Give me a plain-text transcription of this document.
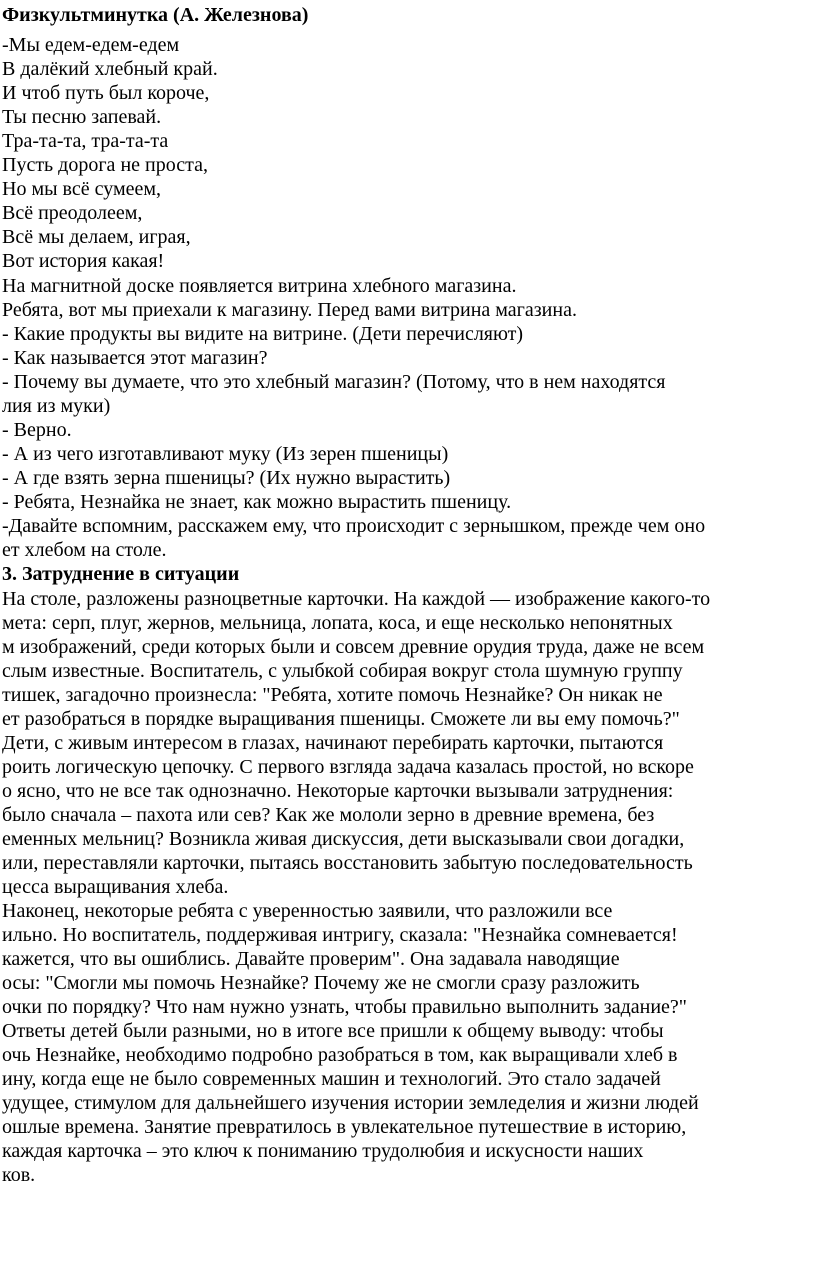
Физкультминутка (А. Железнова)
-Мы едем-едем-едем
В далёкий хлебный край.
И чтоб путь был короче,
Ты песню запевай.
Тра-та-та, тра-та-та
Пусть дорога не проста,
Но мы всё сумеем,
Всё преодолеем,
Всё мы делаем, играя,
Вот история какая!
На магнитной доске появляется витрина хлебного магазина.
Ребята, вот мы приехали к магазину. Перед вами витрина магазина.
- Какие продукты вы видите на витрине. (Дети перечисляют)
- Как называется этот магазин?
- Почему вы думаете, что это хлебный магазин? (Потому, что в нем находятся
лия из муки)
- Верно.
- А из чего изготавливают муку (Из зерен пшеницы)
- А где взять зерна пшеницы? (Их нужно вырастить)
- Ребята, Незнайка не знает, как можно вырастить пшеницу.
-Давайте вспомним, расскажем ему, что происходит с зернышком, прежде чем оно
ет хлебом на столе.
3. Затруднение в ситуации
На столе, разложены разноцветные карточки. На каждой — изображение какого-то
мета: серп, плуг, жернов, мельница, лопата, коса, и еще несколько непонятных
м изображений, среди которых были и совсем древние орудия труда, даже не всем
слым известные. Воспитатель, с улыбкой собирая вокруг стола шумную группу
тишек, загадочно произнесла: "Ребята, хотите помочь Незнайке? Он никак не
ет разобраться в порядке выращивания пшеницы. Сможете ли вы ему помочь?"
Дети, с живым интересом в глазах, начинают перебирать карточки, пытаются
роить логическую цепочку. С первого взгляда задача казалась простой, но вскоре
о ясно, что не все так однозначно. Некоторые карточки вызывали затруднения:
было сначала – пахота или сев? Как же мололи зерно в древние времена, без
еменных мельниц? Возникла живая дискуссия, дети высказывали свои догадки,
или, переставляли карточки, пытаясь восстановить забытую последовательность
цесса выращивания хлеба.
Наконец, некоторые ребята с уверенностью заявили, что разложили все
ильно. Но воспитатель, поддерживая интригу, сказала: "Незнайка сомневается!
кажется, что вы ошиблись. Давайте проверим". Она задавала наводящие
осы: "Смогли мы помочь Незнайке? Почему же не смогли сразу разложить
очки по порядку? Что нам нужно узнать, чтобы правильно выполнить задание?"
Ответы детей были разными, но в итоге все пришли к общему выводу: чтобы
очь Незнайке, необходимо подробно разобраться в том, как выращивали хлеб в
ину, когда еще не было современных машин и технологий. Это стало задачей
удущее, стимулом для дальнейшего изучения истории земледелия и жизни людей
ошлые времена. Занятие превратилось в увлекательное путешествие в историю,
каждая карточка – это ключ к пониманию трудолюбия и искусности наших
ков.
